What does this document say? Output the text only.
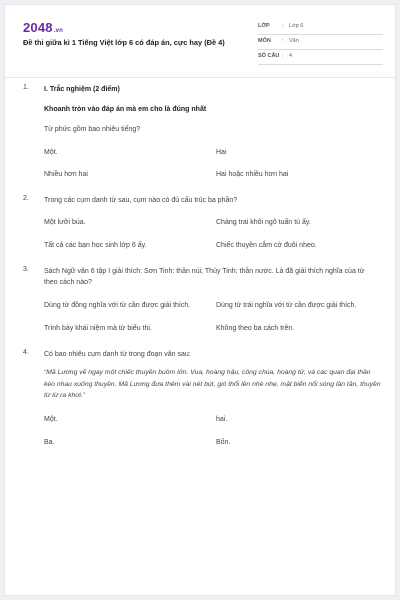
2048.vn
Đề thi giữa kì 1 Tiếng Việt lớp 6 có đáp án, cực hay (Đề 4)
LỚP : Lớp 6
MÔN : Văn
SỐ CÂU : 4
1. I. Trắc nghiệm (2 điểm)
Khoanh tròn vào đáp án mà em cho là đúng nhất
Từ phức gồm bao nhiêu tiếng?
Một.	Hai
Nhiều hơn hai	Hai hoặc nhiều hơn hai
2. Trong các cụm danh từ sau, cụm nào có đủ cấu trúc ba phần?
Một lưỡi búa.	Chàng trai khôi ngô tuấn tú ấy.
Tất cả các bạn học sinh lớp 6 ấy.	Chiếc thuyền cắm cờ đuôi nheo.
3. Sách Ngữ văn 6 tập I giải thích: Sơn Tinh: thần núi; Thủy Tinh: thần nước. Là đã giải thích nghĩa của từ theo cách nào?
Dùng từ đồng nghĩa với từ cần được giải thích.	Dùng từ trái nghĩa với từ cần được giải thích.
Trình bày khái niệm mà từ biểu thị.	Không theo ba cách trên.
4. Có bao nhiêu cụm danh từ trong đoạn văn sau:
“Mã Lương vẽ ngay một chiếc thuyền buồm lớn. Vua, hoàng hậu, công chúa, hoàng tử, và các quan đại thần kéo nhau xuống thuyền. Mã Lương đưa thêm vài nét bút, gió thổi lên nhè nhẹ, mặt biển nổi sóng lăn tăn, thuyền từ từ ra khơi.”
Một.	hai.
Ba.	Bốn.
